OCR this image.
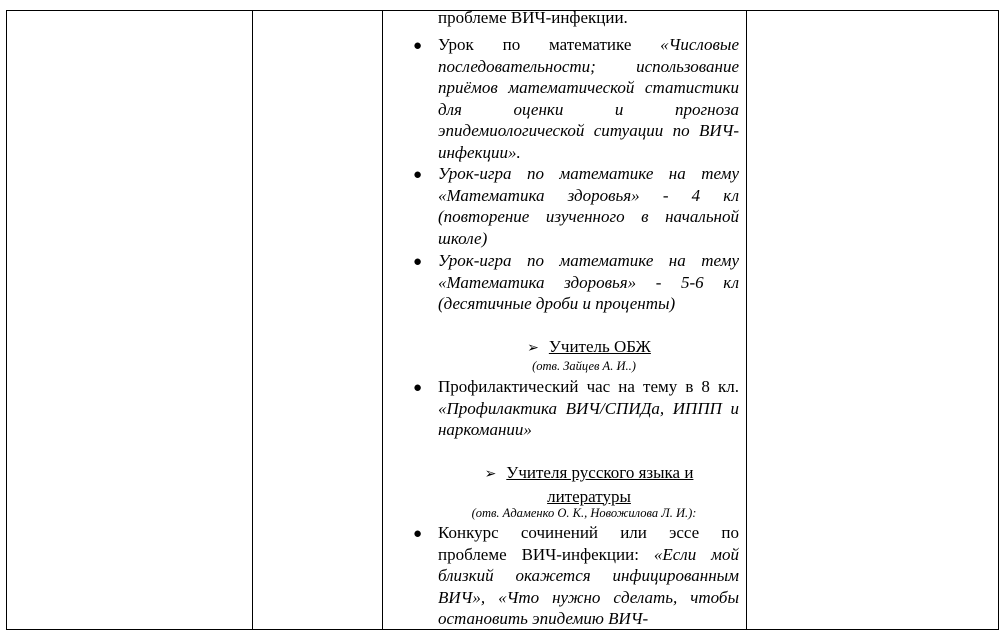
проблеме ВИЧ-инфекции.
● Урок по математике «Числовые последовательности; использование приёмов математической статистики для оценки и прогноза эпидемиологической ситуации по ВИЧ-инфекции».
● Урок-игра по математике на тему «Математика здоровья» - 4 кл (повторение изученного в начальной школе)
● Урок-игра по математике на тему «Математика здоровья» - 5-6 кл (десятичные дроби и проценты)
➢ Учитель ОБЖ
(отв. Зайцев А. И..)
● Профилактический час на тему в 8 кл. «Профилактика ВИЧ/СПИДа, ИППП и наркомании»
➢ Учителя русского языка и
литературы
(отв. Адаменко О. К., Новожилова Л. И.):
● Конкурс сочинений или эссе по проблеме ВИЧ-инфекции: «Если мой близкий окажется инфицированным ВИЧ», «Что нужно сделать, чтобы остановить эпидемию ВИЧ-
